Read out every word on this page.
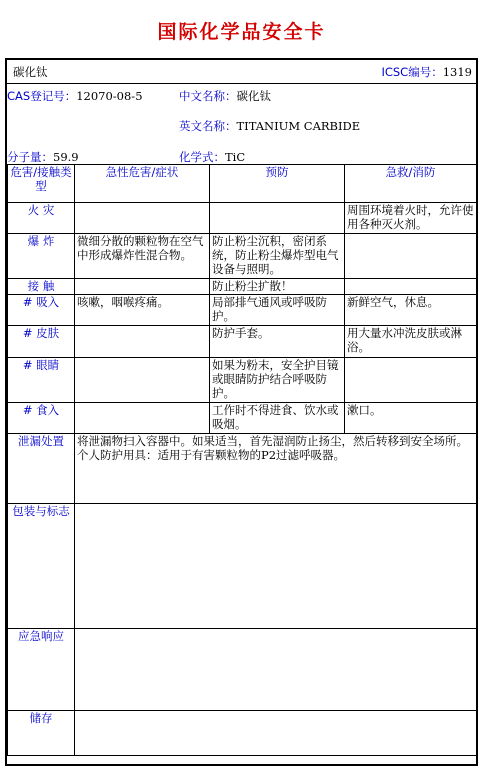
国际化学品安全卡
碳化钛	ICSC编号：1319
CAS登记号：12070-08-5	中文名称：碳化钛
英文名称：TITANIUM CARBIDE
分子量：59.9	化学式：TiC
危害/接触类型	急性危害/症状	预防	急救/消防
火 灾			周围环境着火时，允许使用各种灭火剂。
爆 炸	微细分散的颗粒物在空气中形成爆炸性混合物。	防止粉尘沉积，密闭系统，防止粉尘爆炸型电气设备与照明。	
接 触		防止粉尘扩散！	
# 吸入	咳嗽，咽喉疼痛。	局部排气通风或呼吸防护。	新鲜空气，休息。
# 皮肤		防护手套。	用大量水冲洗皮肤或淋浴。
# 眼睛		如果为粉末，安全护目镜或眼睛防护结合呼吸防护。	
# 食入		工作时不得进食、饮水或吸烟。	漱口。
泄漏处置	将泄漏物扫入容器中。如果适当，首先湿润防止扬尘，然后转移到安全场所。个人防护用具：适用于有害颗粒物的P2过滤呼吸器。		
包装与标志			
应急响应			
储存			
